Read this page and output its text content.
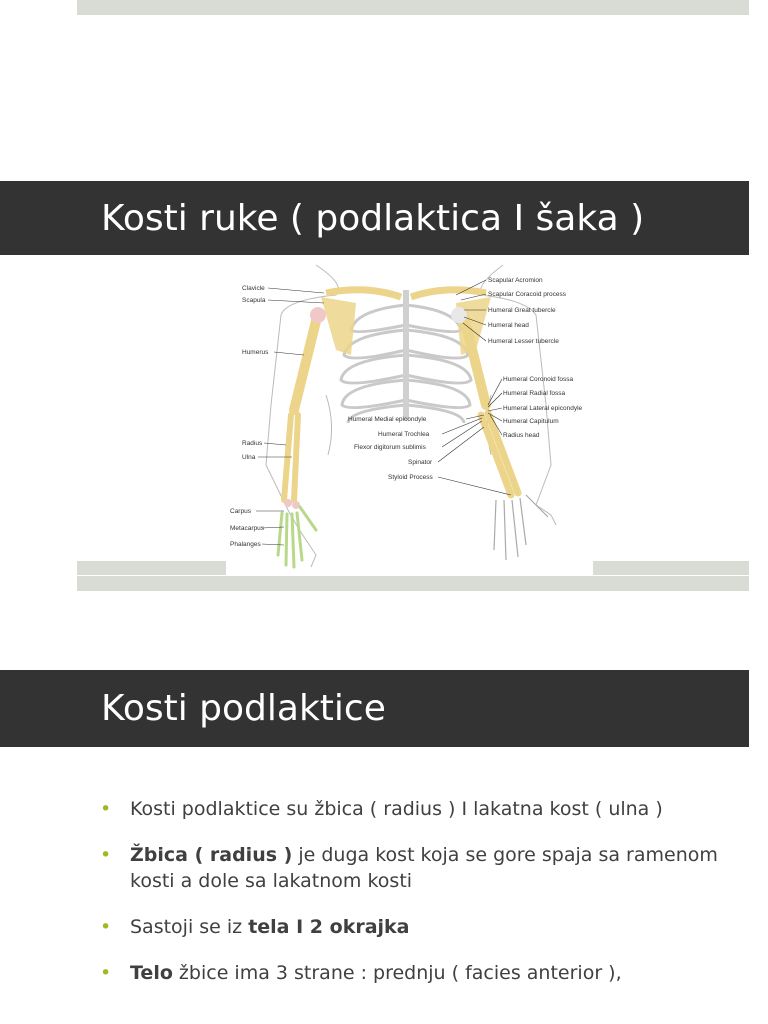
Kosti ruke ( podlaktica I šaka )
Clavicle
Scapula
Humerus
Radius
Ulna
Carpus
Metacarpus
Phalanges
Scapular Acromion
Scapular Coracoid process
Humeral Great tubercle
Humeral head
Humeral Lesser tubercle
Humeral Coronoid fossa
Humeral Radial fossa
Humeral Lateral epicondyle
Humeral Capitulum
Radius head
Humeral Medial epicondyle
Humeral Trochlea
Flexor digitorum sublimis
Spinator
Styloid Process
Kosti podlaktice
• Kosti podlaktice su žbica ( radius ) I lakatna kost ( ulna )
• Žbica ( radius ) je duga kost koja se gore spaja sa ramenom kosti a dole sa lakatnom kosti
• Sastoji se iz tela I 2 okrajka
• Telo žbice ima 3 strane : prednju ( facies anterior ),
